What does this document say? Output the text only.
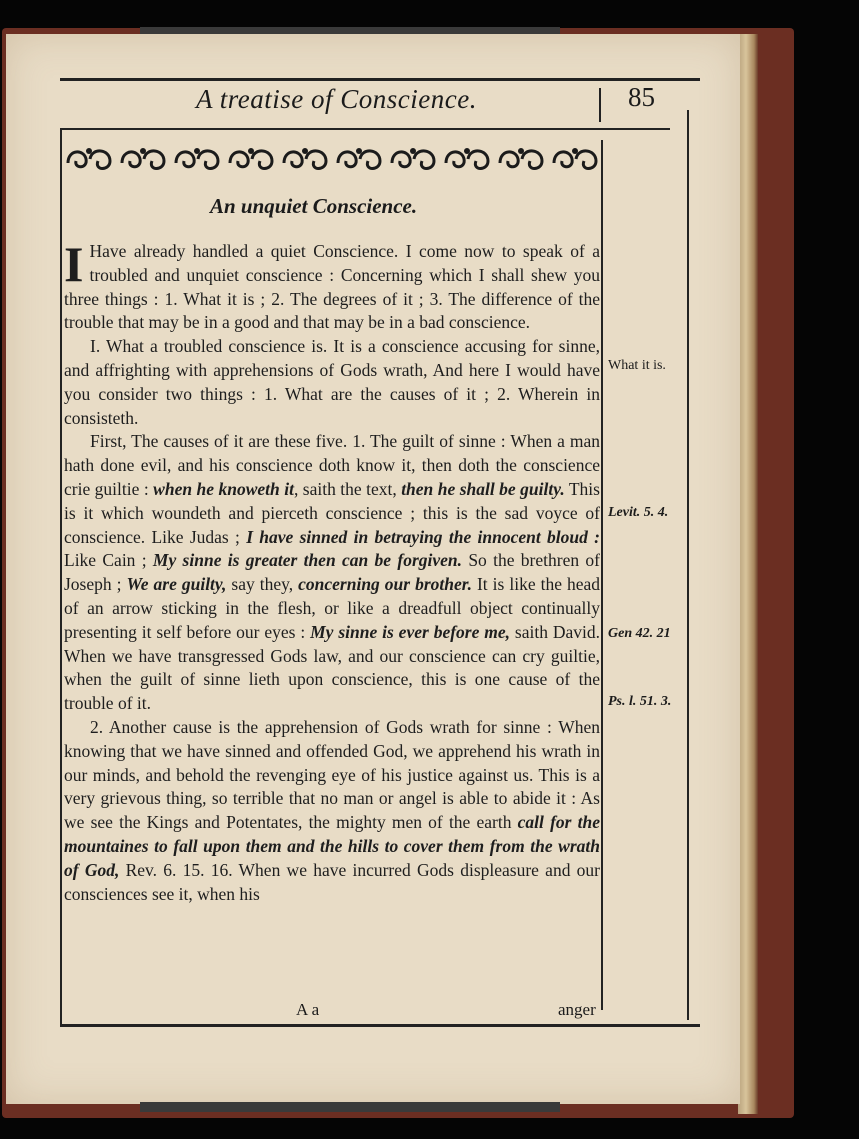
A treatise of Conscience.	85
An unquiet Conscience.

I Have already handled a quiet Conscience. I come now to speak of a troubled and unquiet conscience : Concerning which I shall shew you three things : 1. What it is ; 2. The degrees of it ; 3. The difference of the trouble that may be in a good and that may be in a bad conscience.

I. What a troubled conscience is. It is a conscience accusing for sinne, and affrighting with apprehensions of Gods wrath, And here I would have you consider two things : 1. What are the causes of it ; 2. Wherein in consisteth.

First, The causes of it are these five. 1. The guilt of sinne : When a man hath done evil, and his conscience doth know it, then doth the conscience crie guiltie : when he knoweth it, saith the text, then he shall be guilty. This is it which woundeth and pierceth conscience ; this is the sad voyce of conscience. Like Judas ; I have sinned in betraying the innocent bloud : Like Cain ; My sinne is greater then can be forgiven. So the brethren of Joseph ; We are guilty, say they, concerning our brother. It is like the head of an arrow sticking in the flesh, or like a dreadfull object continually presenting it self before our eyes : My sinne is ever before me, saith David. When we have transgressed Gods law, and our conscience can cry guiltie, when the guilt of sinne lieth upon conscience, this is one cause of the trouble of it.

2. Another cause is the apprehension of Gods wrath for sinne : When knowing that we have sinned and offended God, we apprehend his wrath in our minds, and behold the revenging eye of his justice against us. This is a very grievous thing, so terrible that no man or angel is able to abide it : As we see the Kings and Potentates, the mighty men of the earth call for the mountaines to fall upon them and the hills to cover them from the wrath of God, Rev. 6. 15. 16. When we have incurred Gods displeasure and our consciences see it, when his

What it is.
Levit. 5. 4.
Gen 42. 21
Ps. l. 51. 3.
A a	anger
